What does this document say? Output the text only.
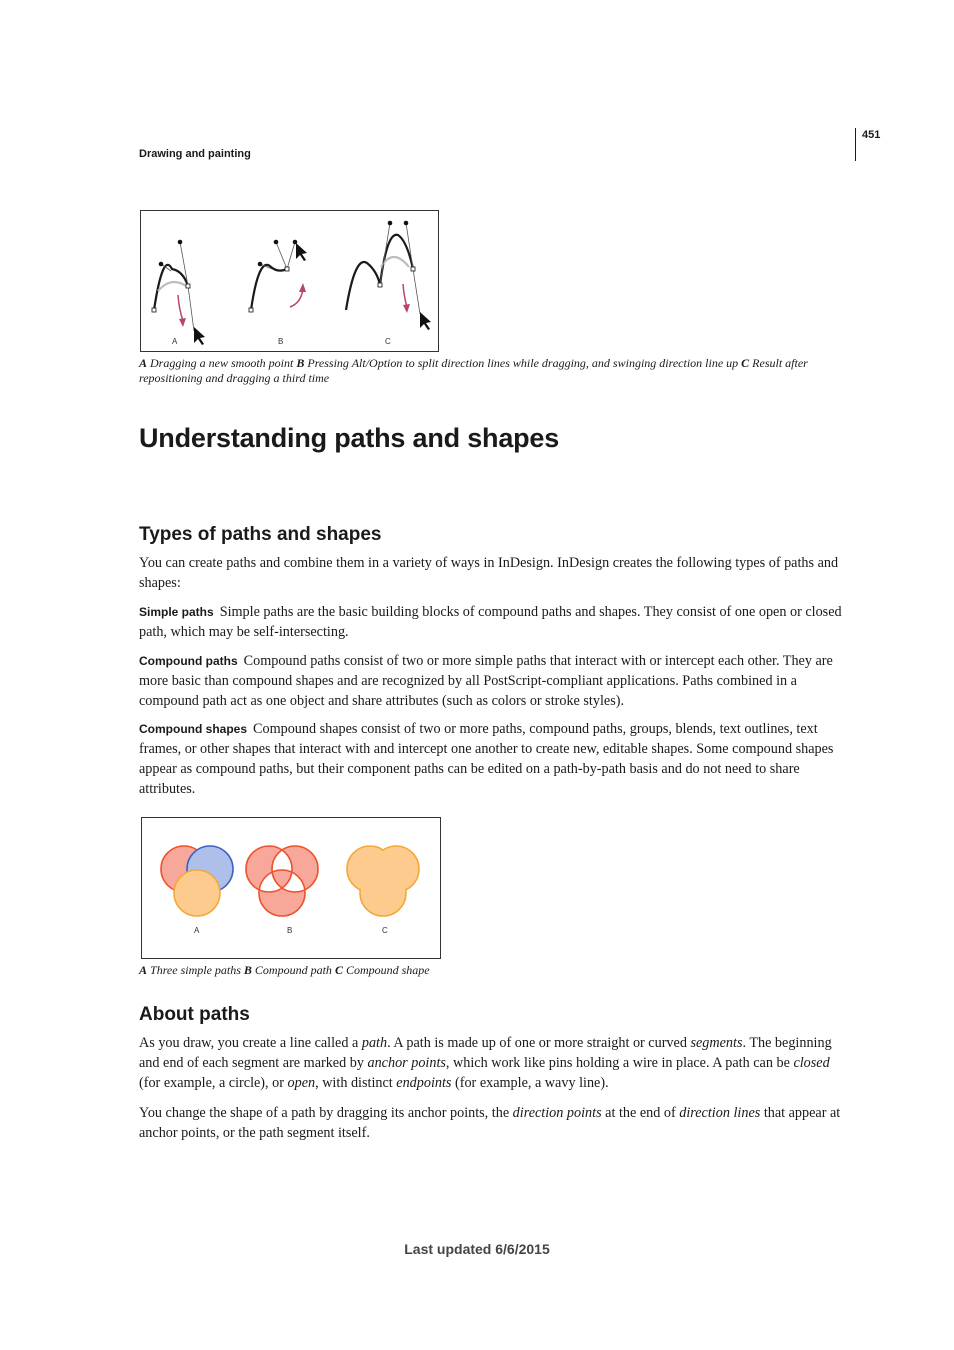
451
Drawing and painting
A	B	C
A Dragging a new smooth point B Pressing Alt/Option to split direction lines while dragging, and swinging direction line up C Result after repositioning and dragging a third time
Understanding paths and shapes
Types of paths and shapes
You can create paths and combine them in a variety of ways in InDesign. InDesign creates the following types of paths and shapes:
Simple paths Simple paths are the basic building blocks of compound paths and shapes. They consist of one open or closed path, which may be self-intersecting.
Compound paths Compound paths consist of two or more simple paths that interact with or intercept each other. They are more basic than compound shapes and are recognized by all PostScript-compliant applications. Paths combined in a compound path act as one object and share attributes (such as colors or stroke styles).
Compound shapes Compound shapes consist of two or more paths, compound paths, groups, blends, text outlines, text frames, or other shapes that interact with and intercept one another to create new, editable shapes. Some compound shapes appear as compound paths, but their component paths can be edited on a path-by-path basis and do not need to share attributes.
A	B	C
A Three simple paths B Compound path C Compound shape
About paths
As you draw, you create a line called a path. A path is made up of one or more straight or curved segments. The beginning and end of each segment are marked by anchor points, which work like pins holding a wire in place. A path can be closed (for example, a circle), or open, with distinct endpoints (for example, a wavy line).
You change the shape of a path by dragging its anchor points, the direction points at the end of direction lines that appear at anchor points, or the path segment itself.
Last updated 6/6/2015
